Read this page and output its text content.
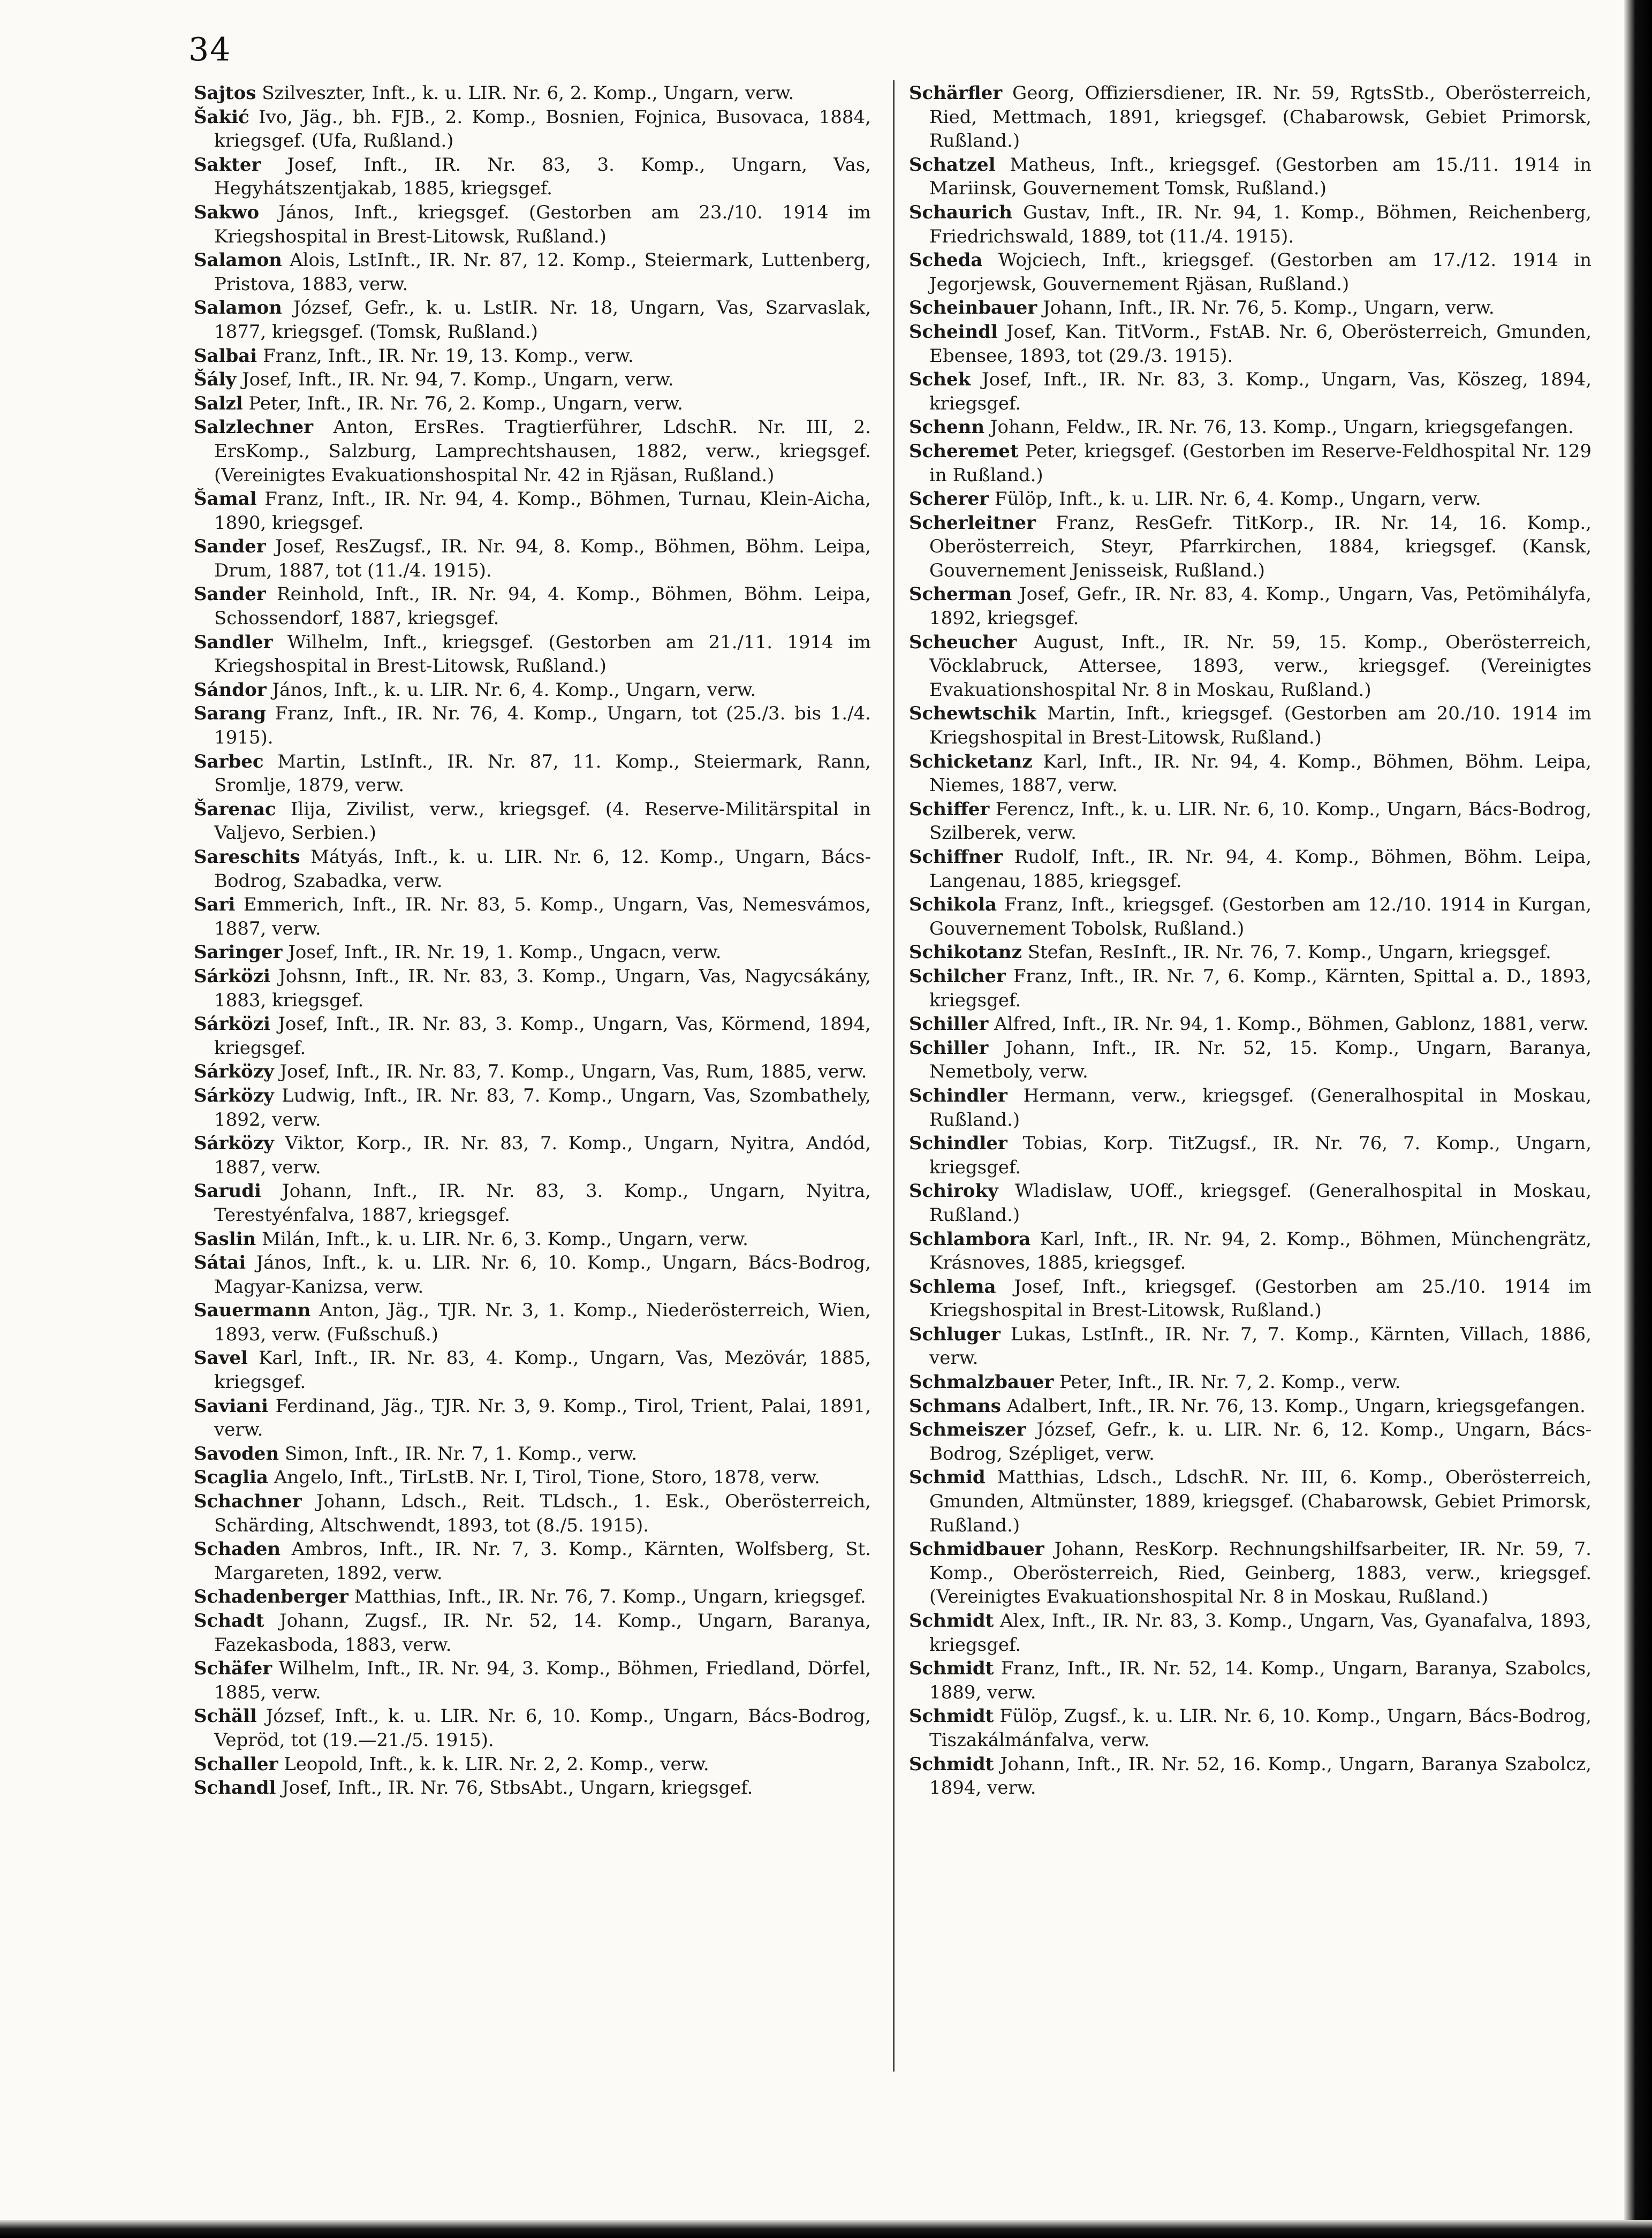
34

Sajtos Szilveszter, Inft., k. u. LIR. Nr. 6, 2. Komp., Ungarn, verw.

Šakić Ivo, Jäg., bh. FJB., 2. Komp., Bosnien, Fojnica, Busovaca, 1884, kriegsgef. (Ufa, Rußland.)

Sakter Josef, Inft., IR. Nr. 83, 3. Komp., Ungarn, Vas, Hegyhátszentjakab, 1885, kriegsgef.

Sakwo János, Inft., kriegsgef. (Gestorben am 23./10. 1914 im Kriegshospital in Brest-Litowsk, Rußland.)

Salamon Alois, LstInft., IR. Nr. 87, 12. Komp., Steiermark, Luttenberg, Pristova, 1883, verw.

Salamon József, Gefr., k. u. LstIR. Nr. 18, Ungarn, Vas, Szarvaslak, 1877, kriegsgef. (Tomsk, Rußland.)

Salbai Franz, Inft., IR. Nr. 19, 13. Komp., verw.

Šály Josef, Inft., IR. Nr. 94, 7. Komp., Ungarn, verw.

Salzl Peter, Inft., IR. Nr. 76, 2. Komp., Ungarn, verw.

Salzlechner Anton, ErsRes. Tragtierführer, LdschR. Nr. III, 2. ErsKomp., Salzburg, Lamprechtshausen, 1882, verw., kriegsgef. (Vereinigtes Evakuationshospital Nr. 42 in Rjäsan, Rußland.)

Šamal Franz, Inft., IR. Nr. 94, 4. Komp., Böhmen, Turnau, Klein-Aicha, 1890, kriegsgef.

Sander Josef, ResZugsf., IR. Nr. 94, 8. Komp., Böhmen, Böhm. Leipa, Drum, 1887, tot (11./4. 1915).

Sander Reinhold, Inft., IR. Nr. 94, 4. Komp., Böhmen, Böhm. Leipa, Schossendorf, 1887, kriegsgef.

Sandler Wilhelm, Inft., kriegsgef. (Gestorben am 21./11. 1914 im Kriegshospital in Brest-Litowsk, Rußland.)

Sándor János, Inft., k. u. LIR. Nr. 6, 4. Komp., Ungarn, verw.

Sarang Franz, Inft., IR. Nr. 76, 4. Komp., Ungarn, tot (25./3. bis 1./4. 1915).

Sarbec Martin, LstInft., IR. Nr. 87, 11. Komp., Steiermark, Rann, Sromlje, 1879, verw.

Šarenac Ilija, Zivilist, verw., kriegsgef. (4. Reserve-Militärspital in Valjevo, Serbien.)

Sareschits Mátyás, Inft., k. u. LIR. Nr. 6, 12. Komp., Ungarn, Bács-Bodrog, Szabadka, verw.

Sari Emmerich, Inft., IR. Nr. 83, 5. Komp., Ungarn, Vas, Nemesvámos, 1887, verw.

Saringer Josef, Inft., IR. Nr. 19, 1. Komp., Ungacn, verw.

Sárközi Johsnn, Inft., IR. Nr. 83, 3. Komp., Ungarn, Vas, Nagycsákány, 1883, kriegsgef.

Sárközi Josef, Inft., IR. Nr. 83, 3. Komp., Ungarn, Vas, Körmend, 1894, kriegsgef.

Sárközy Josef, Inft., IR. Nr. 83, 7. Komp., Ungarn, Vas, Rum, 1885, verw.

Sárközy Ludwig, Inft., IR. Nr. 83, 7. Komp., Ungarn, Vas, Szombathely, 1892, verw.

Sárközy Viktor, Korp., IR. Nr. 83, 7. Komp., Ungarn, Nyitra, Andód, 1887, verw.

Sarudi Johann, Inft., IR. Nr. 83, 3. Komp., Ungarn, Nyitra, Terestyénfalva, 1887, kriegsgef.

Saslin Milán, Inft., k. u. LIR. Nr. 6, 3. Komp., Ungarn, verw.

Sátai János, Inft., k. u. LIR. Nr. 6, 10. Komp., Ungarn, Bács-Bodrog, Magyar-Kanizsa, verw.

Sauermann Anton, Jäg., TJR. Nr. 3, 1. Komp., Niederösterreich, Wien, 1893, verw. (Fußschuß.)

Savel Karl, Inft., IR. Nr. 83, 4. Komp., Ungarn, Vas, Mezövár, 1885, kriegsgef.

Saviani Ferdinand, Jäg., TJR. Nr. 3, 9. Komp., Tirol, Trient, Palai, 1891, verw.

Savoden Simon, Inft., IR. Nr. 7, 1. Komp., verw.

Scaglia Angelo, Inft., TirLstB. Nr. I, Tirol, Tione, Storo, 1878, verw.

Schachner Johann, Ldsch., Reit. TLdsch., 1. Esk., Oberösterreich, Schärding, Altschwendt, 1893, tot (8./5. 1915).

Schaden Ambros, Inft., IR. Nr. 7, 3. Komp., Kärnten, Wolfsberg, St. Margareten, 1892, verw.

Schadenberger Matthias, Inft., IR. Nr. 76, 7. Komp., Ungarn, kriegsgef.

Schadt Johann, Zugsf., IR. Nr. 52, 14. Komp., Ungarn, Baranya, Fazekasboda, 1883, verw.

Schäfer Wilhelm, Inft., IR. Nr. 94, 3. Komp., Böhmen, Friedland, Dörfel, 1885, verw.

Schäll József, Inft., k. u. LIR. Nr. 6, 10. Komp., Ungarn, Bács-Bodrog, Vepröd, tot (19.—21./5. 1915).

Schaller Leopold, Inft., k. k. LIR. Nr. 2, 2. Komp., verw.

Schandl Josef, Inft., IR. Nr. 76, StbsAbt., Ungarn, kriegsgef.

Schärfler Georg, Offiziersdiener, IR. Nr. 59, RgtsStb., Oberösterreich, Ried, Mettmach, 1891, kriegsgef. (Chabarowsk, Gebiet Primorsk, Rußland.)

Schatzel Matheus, Inft., kriegsgef. (Gestorben am 15./11. 1914 in Mariinsk, Gouvernement Tomsk, Rußland.)

Schaurich Gustav, Inft., IR. Nr. 94, 1. Komp., Böhmen, Reichenberg, Friedrichswald, 1889, tot (11./4. 1915).

Scheda Wojciech, Inft., kriegsgef. (Gestorben am 17./12. 1914 in Jegorjewsk, Gouvernement Rjäsan, Rußland.)

Scheinbauer Johann, Inft., IR. Nr. 76, 5. Komp., Ungarn, verw.

Scheindl Josef, Kan. TitVorm., FstAB. Nr. 6, Oberösterreich, Gmunden, Ebensee, 1893, tot (29./3. 1915).

Schek Josef, Inft., IR. Nr. 83, 3. Komp., Ungarn, Vas, Köszeg, 1894, kriegsgef.

Schenn Johann, Feldw., IR. Nr. 76, 13. Komp., Ungarn, kriegsgefangen.

Scheremet Peter, kriegsgef. (Gestorben im Reserve-Feldhospital Nr. 129 in Rußland.)

Scherer Fülöp, Inft., k. u. LIR. Nr. 6, 4. Komp., Ungarn, verw.

Scherleitner Franz, ResGefr. TitKorp., IR. Nr. 14, 16. Komp., Oberösterreich, Steyr, Pfarrkirchen, 1884, kriegsgef. (Kansk, Gouvernement Jenisseisk, Rußland.)

Scherman Josef, Gefr., IR. Nr. 83, 4. Komp., Ungarn, Vas, Petömihályfa, 1892, kriegsgef.

Scheucher August, Inft., IR. Nr. 59, 15. Komp., Oberösterreich, Vöcklabruck, Attersee, 1893, verw., kriegsgef. (Vereinigtes Evakuationshospital Nr. 8 in Moskau, Rußland.)

Schewtschik Martin, Inft., kriegsgef. (Gestorben am 20./10. 1914 im Kriegshospital in Brest-Litowsk, Rußland.)

Schicketanz Karl, Inft., IR. Nr. 94, 4. Komp., Böhmen, Böhm. Leipa, Niemes, 1887, verw.

Schiffer Ferencz, Inft., k. u. LIR. Nr. 6, 10. Komp., Ungarn, Bács-Bodrog, Szilberek, verw.

Schiffner Rudolf, Inft., IR. Nr. 94, 4. Komp., Böhmen, Böhm. Leipa, Langenau, 1885, kriegsgef.

Schikola Franz, Inft., kriegsgef. (Gestorben am 12./10. 1914 in Kurgan, Gouvernement Tobolsk, Rußland.)

Schikotanz Stefan, ResInft., IR. Nr. 76, 7. Komp., Ungarn, kriegsgef.

Schilcher Franz, Inft., IR. Nr. 7, 6. Komp., Kärnten, Spittal a. D., 1893, kriegsgef.

Schiller Alfred, Inft., IR. Nr. 94, 1. Komp., Böhmen, Gablonz, 1881, verw.

Schiller Johann, Inft., IR. Nr. 52, 15. Komp., Ungarn, Baranya, Nemetboly, verw.

Schindler Hermann, verw., kriegsgef. (Generalhospital in Moskau, Rußland.)

Schindler Tobias, Korp. TitZugsf., IR. Nr. 76, 7. Komp., Ungarn, kriegsgef.

Schiroky Wladislaw, UOff., kriegsgef. (Generalhospital in Moskau, Rußland.)

Schlambora Karl, Inft., IR. Nr. 94, 2. Komp., Böhmen, Münchengrätz, Krásnoves, 1885, kriegsgef.

Schlema Josef, Inft., kriegsgef. (Gestorben am 25./10. 1914 im Kriegshospital in Brest-Litowsk, Rußland.)

Schluger Lukas, LstInft., IR. Nr. 7, 7. Komp., Kärnten, Villach, 1886, verw.

Schmalzbauer Peter, Inft., IR. Nr. 7, 2. Komp., verw.

Schmans Adalbert, Inft., IR. Nr. 76, 13. Komp., Ungarn, kriegsgefangen.

Schmeiszer József, Gefr., k. u. LIR. Nr. 6, 12. Komp., Ungarn, Bács-Bodrog, Szépliget, verw.

Schmid Matthias, Ldsch., LdschR. Nr. III, 6. Komp., Oberösterreich, Gmunden, Altmünster, 1889, kriegsgef. (Chabarowsk, Gebiet Primorsk, Rußland.)

Schmidbauer Johann, ResKorp. Rechnungshilfsarbeiter, IR. Nr. 59, 7. Komp., Oberösterreich, Ried, Geinberg, 1883, verw., kriegsgef. (Vereinigtes Evakuationshospital Nr. 8 in Moskau, Rußland.)

Schmidt Alex, Inft., IR. Nr. 83, 3. Komp., Ungarn, Vas, Gyanafalva, 1893, kriegsgef.

Schmidt Franz, Inft., IR. Nr. 52, 14. Komp., Ungarn, Baranya, Szabolcs, 1889, verw.

Schmidt Fülöp, Zugsf., k. u. LIR. Nr. 6, 10. Komp., Ungarn, Bács-Bodrog, Tiszakálmánfalva, verw.

Schmidt Johann, Inft., IR. Nr. 52, 16. Komp., Ungarn, Baranya Szabolcz, 1894, verw.
